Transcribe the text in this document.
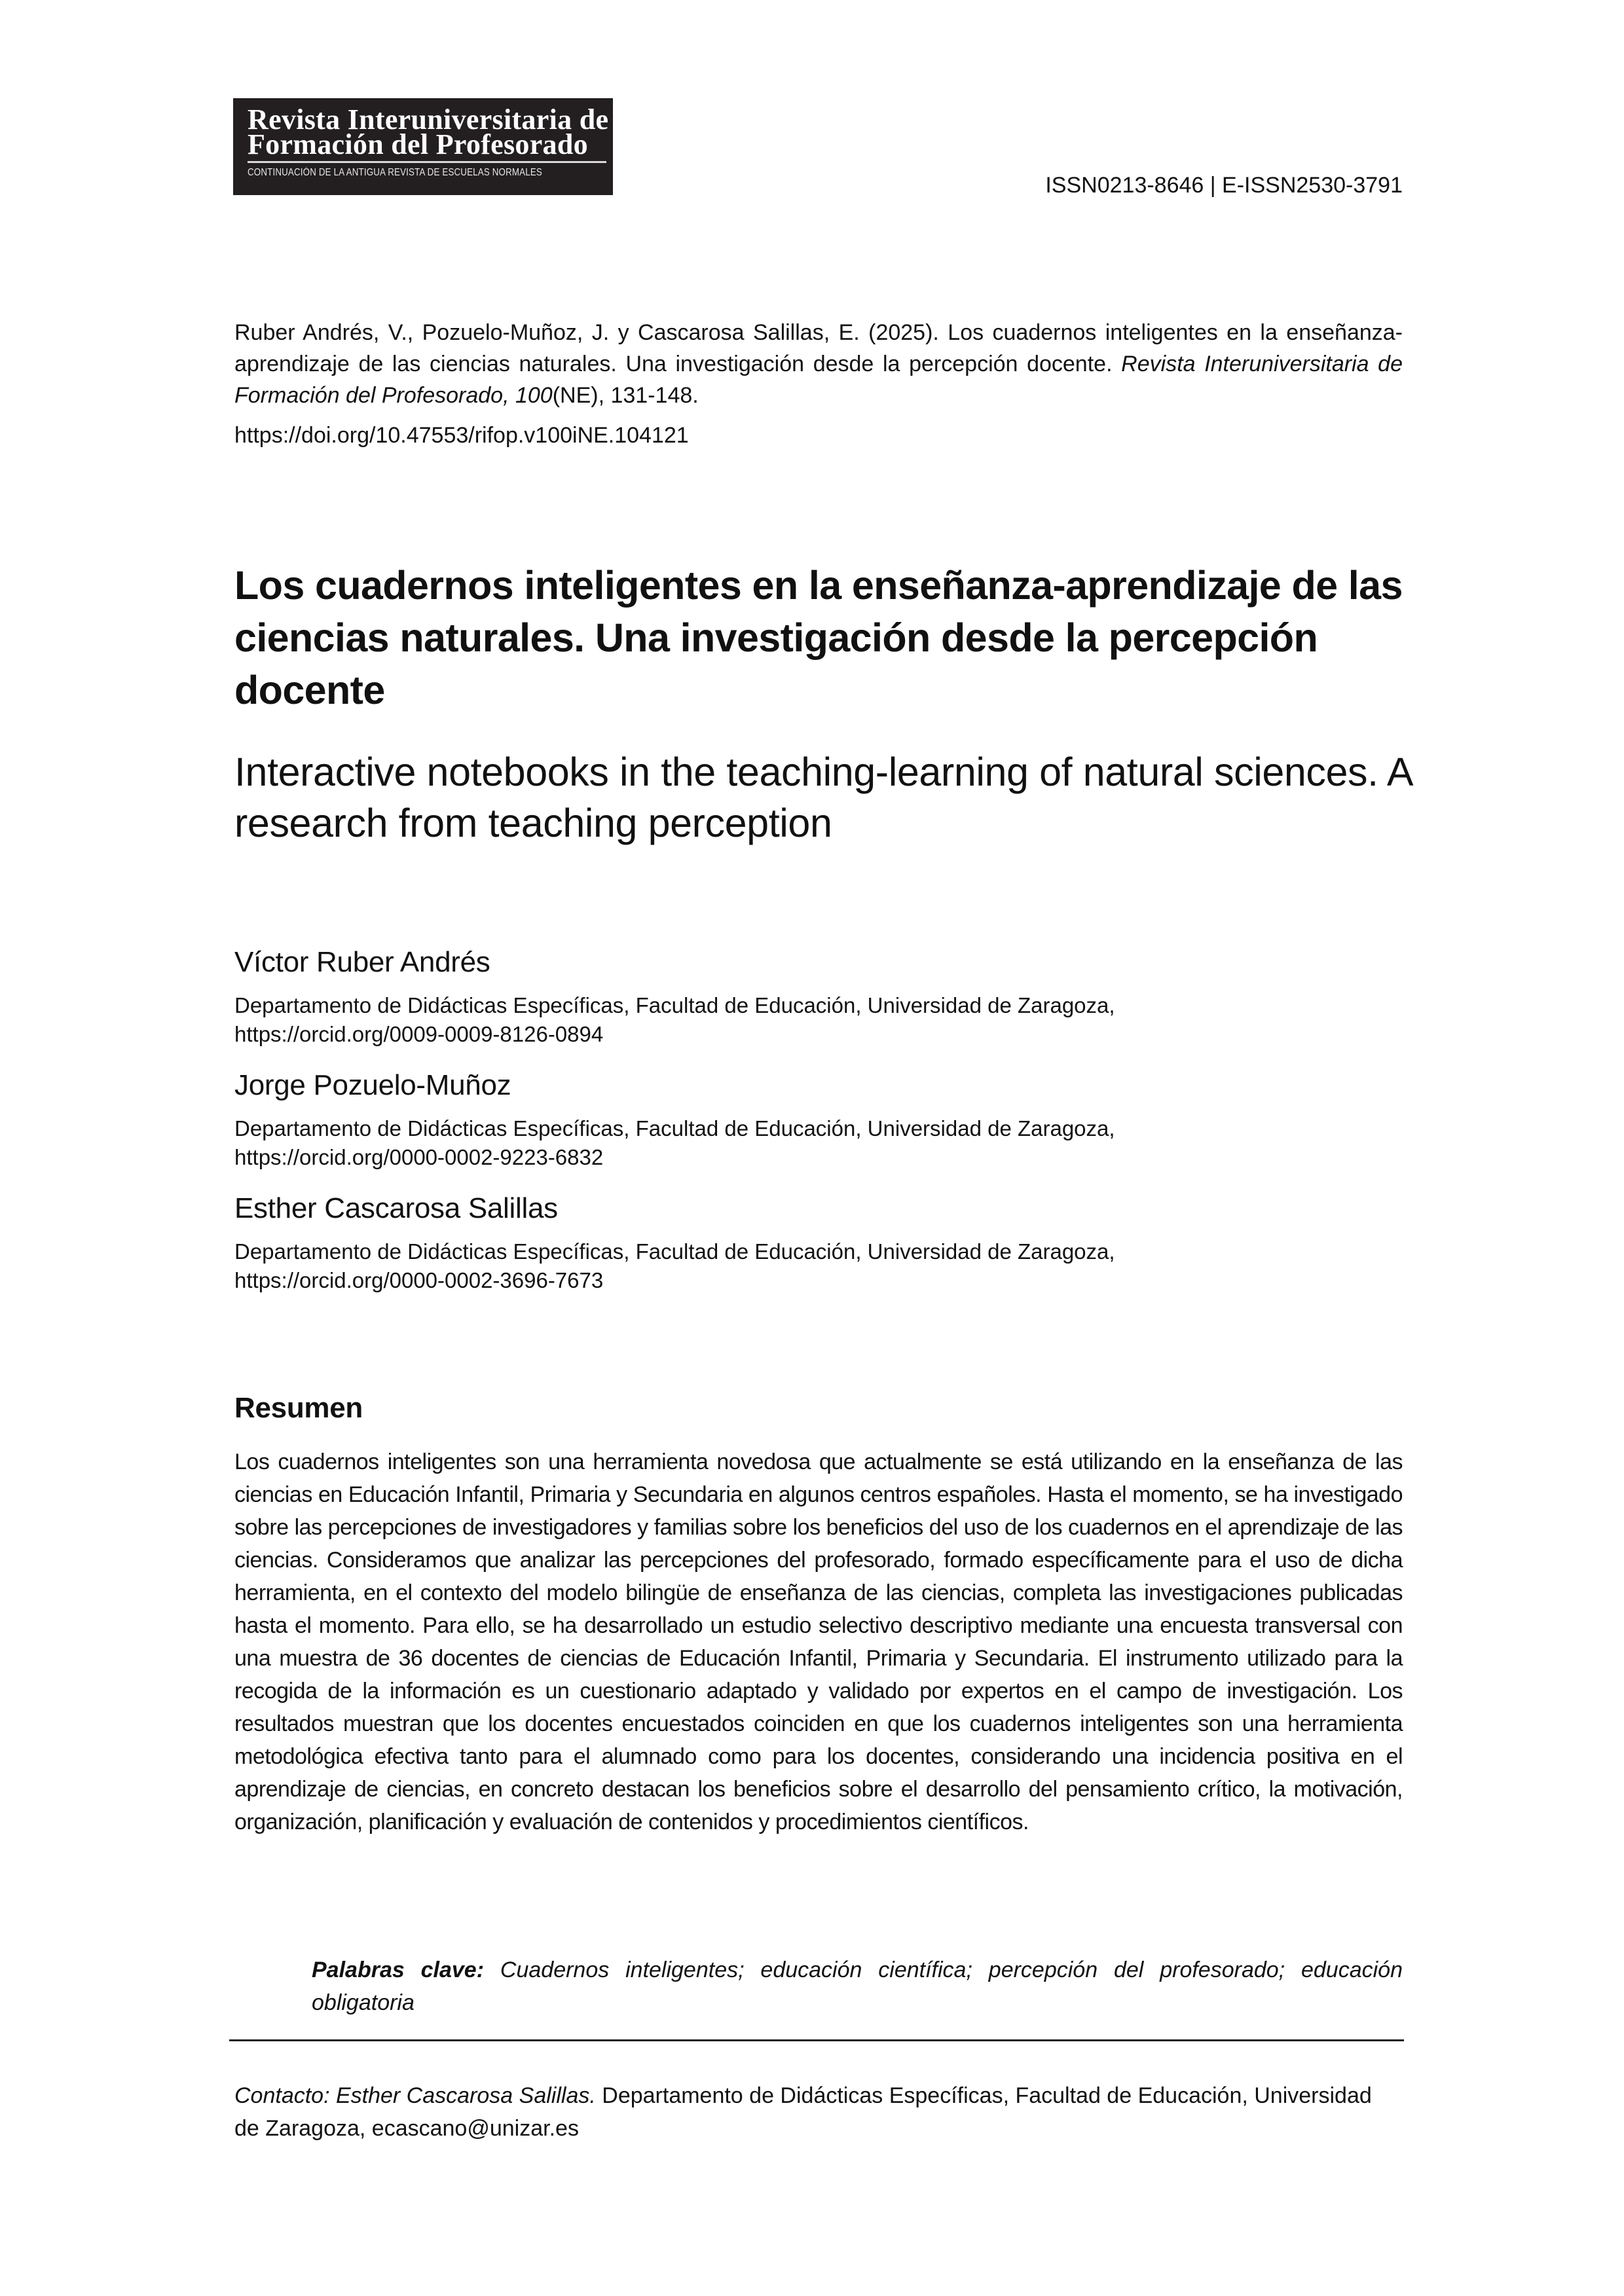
Revista Interuniversitaria de
Formación del Profesorado
CONTINUACIÓN DE LA ANTIGUA REVISTA DE ESCUELAS NORMALES
ISSN0213-8646 | E-ISSN2530-3791
Ruber Andrés, V., Pozuelo-Muñoz, J. y Cascarosa Salillas, E. (2025). Los cuadernos inteligentes en la enseñanza-aprendizaje de las ciencias naturales. Una investigación desde la percepción docente. Revista Interuniversitaria de Formación del Profesorado, 100(NE), 131-148.
https://doi.org/10.47553/rifop.v100iNE.104121
Los cuadernos inteligentes en la enseñanza-aprendizaje de las ciencias naturales. Una investigación desde la percepción docente
Interactive notebooks in the teaching-learning of natural sciences. A research from teaching perception
Víctor Ruber Andrés
Departamento de Didácticas Específicas, Facultad de Educación, Universidad de Zaragoza,
https://orcid.org/0009-0009-8126-0894
Jorge Pozuelo-Muñoz
Departamento de Didácticas Específicas, Facultad de Educación, Universidad de Zaragoza,
https://orcid.org/0000-0002-9223-6832
Esther Cascarosa Salillas
Departamento de Didácticas Específicas, Facultad de Educación, Universidad de Zaragoza,
https://orcid.org/0000-0002-3696-7673
Resumen
Los cuadernos inteligentes son una herramienta novedosa que actualmente se está utilizando en la enseñanza de las ciencias en Educación Infantil, Primaria y Secundaria en algunos centros españoles. Hasta el momento, se ha investigado sobre las percepciones de investigadores y familias sobre los beneficios del uso de los cuadernos en el aprendizaje de las ciencias. Consideramos que analizar las percepciones del profesorado, formado específicamente para el uso de dicha herramienta, en el contexto del modelo bilingüe de enseñanza de las ciencias, completa las investigaciones publicadas hasta el momento. Para ello, se ha desarrollado un estudio selectivo descriptivo mediante una encuesta transversal con una muestra de 36 docentes de ciencias de Educación Infantil, Primaria y Secundaria. El instrumento utilizado para la recogida de la información es un cuestionario adaptado y validado por expertos en el campo de investigación. Los resultados muestran que los docentes encuestados coinciden en que los cuadernos inteligentes son una herramienta metodológica efectiva tanto para el alumnado como para los docentes, considerando una incidencia positiva en el aprendizaje de ciencias, en concreto destacan los beneficios sobre el desarrollo del pensamiento crítico, la motivación, organización, planificación y evaluación de contenidos y procedimientos científicos.
Palabras clave: Cuadernos inteligentes; educación científica; percepción del profesorado; educación obligatoria
Contacto: Esther Cascarosa Salillas. Departamento de Didácticas Específicas, Facultad de Educación, Universidad de Zaragoza, ecascano@unizar.es
